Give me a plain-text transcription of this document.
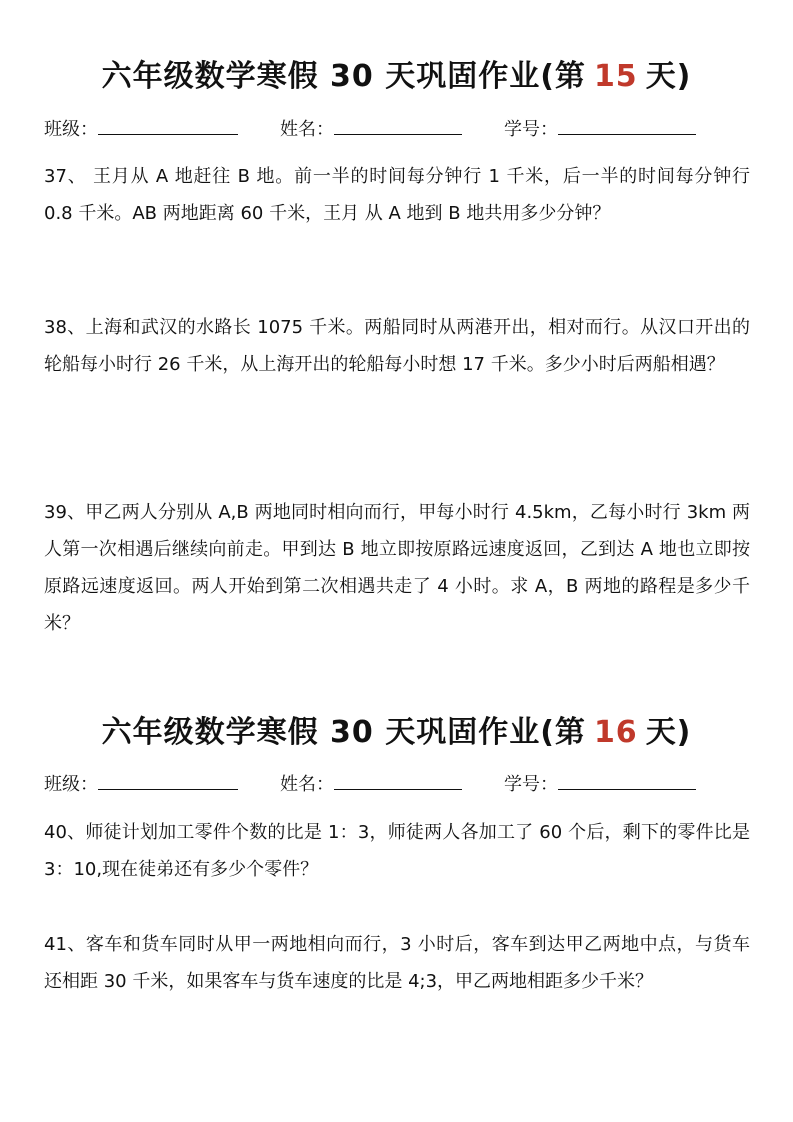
六年级数学寒假 30 天巩固作业(第 15 天)
班级：	姓名：	学号：
37、 王月从 A 地赶往 B 地。前一半的时间每分钟行 1 千米，后一半的时间每分钟行 0.8 千米。AB 两地距离 60 千米，王月 从 A 地到 B 地共用多少分钟？
38、上海和武汉的水路长 1075 千米。两船同时从两港开出，相对而行。从汉口开出的轮船每小时行 26 千米，从上海开出的轮船每小时想 17 千米。多少小时后两船相遇？
39、甲乙两人分别从 A,B 两地同时相向而行，甲每小时行 4.5km，乙每小时行 3km 两人第一次相遇后继续向前走。甲到达 B 地立即按原路远速度返回，乙到达 A 地也立即按原路远速度返回。两人开始到第二次相遇共走了 4 小时。求 A，B 两地的路程是多少千米？
六年级数学寒假 30 天巩固作业(第 16 天)
班级：	姓名：	学号：
40、师徒计划加工零件个数的比是 1：3，师徒两人各加工了 60 个后，剩下的零件比是 3：10,现在徒弟还有多少个零件？
41、客车和货车同时从甲一两地相向而行，3 小时后，客车到达甲乙两地中点，与货车还相距 30 千米，如果客车与货车速度的比是 4;3，甲乙两地相距多少千米？
